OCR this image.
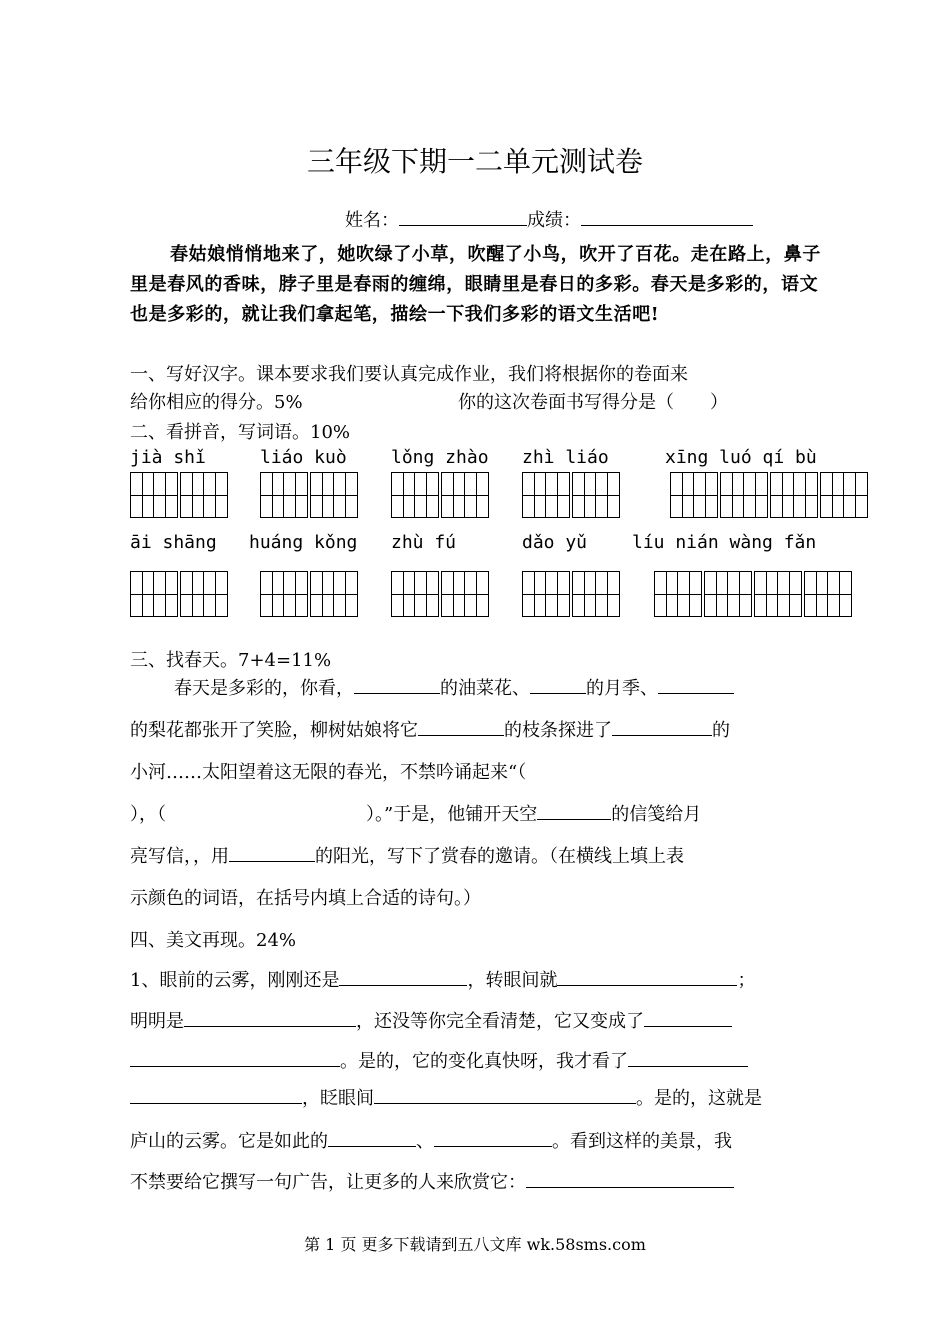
三年级下期一二单元测试卷
姓名：	成绩：
春姑娘悄悄地来了，她吹绿了小草，吹醒了小鸟，吹开了百花。走在路上，鼻子里是春风的香味，脖子里是春雨的缠绵，眼睛里是春日的多彩。春天是多彩的，语文也是多彩的，就让我们拿起笔，描绘一下我们多彩的语文生活吧!
一、写好汉字。课本要求我们要认真完成作业，我们将根据你的卷面来
给你相应的得分。5%	你的这次卷面书写得分是（　　）
二、看拼音，写词语。10%
jià shǐ	liáo kuò lǒng zhào zhì liáo	xīng luó qí bù
āi shāng huáng kǒng zhù fú	dǎo yǔ líu nián wàng fǎn
三、找春天。7+4=11%
春天是多彩的，你看，	的油菜花、	的月季、
的梨花都张开了笑脸，柳树姑娘将它	的枝条探进了	的
小河……太阳望着这无限的春光，不禁吟诵起来“（
），（	）。”于是，他铺开天空	的信笺给月
亮写信，，用	的阳光，写下了赏春的邀请。（在横线上填上表
示颜色的词语，在括号内填上合适的诗句。）
四、美文再现。24%
1、眼前的云雾，刚刚还是	，转眼间就	；
明明是	，还没等你完全看清楚，它又变成了
。是的，它的变化真快呀，我才看了
，眨眼间	。是的，这就是
庐山的云雾。它是如此的	、	。看到这样的美景，我
不禁要给它撰写一句广告，让更多的人来欣赏它：
第 1 页 更多下载请到五八文库 wk.58sms.com
